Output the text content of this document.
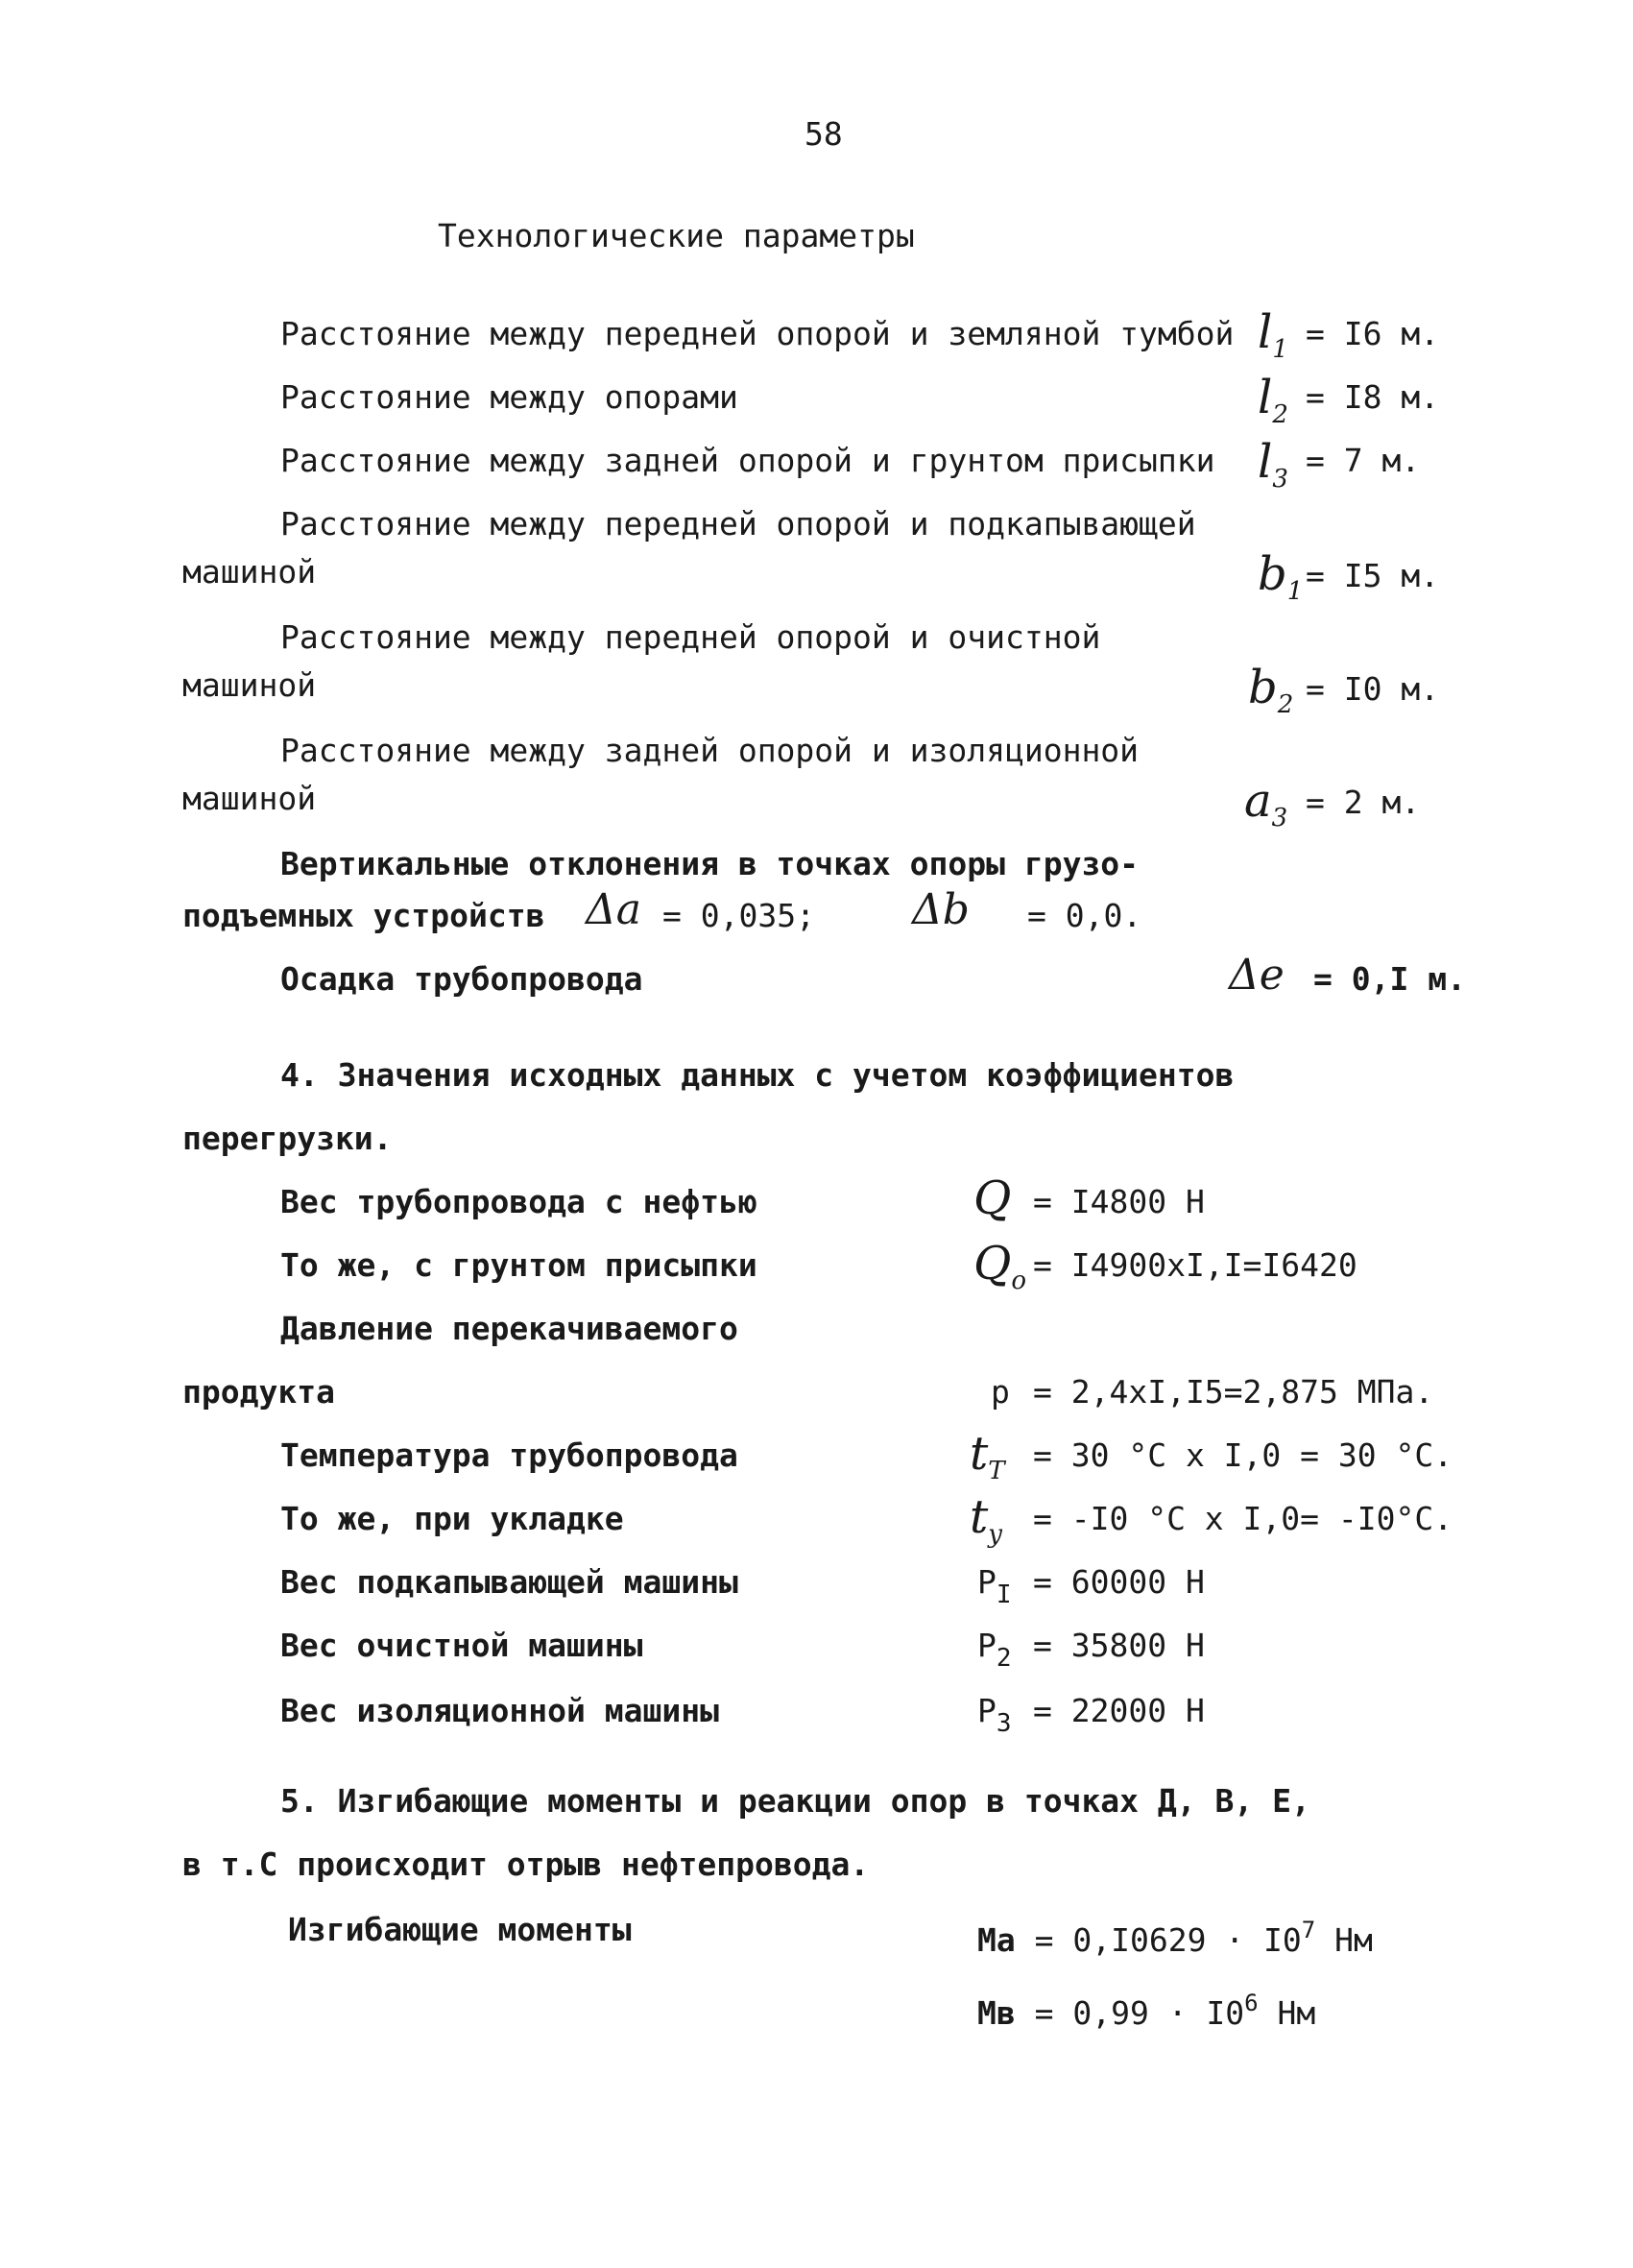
58
Технологические параметры
Расстояние между передней опорой и земляной тумбой $l_1 = I6$ м.
Расстояние между опорами	$l_2 = I8$ м.
Расстояние между задней опорой и грунтом присыпки $l_3 = 7$ м.
Расстояние между передней опорой и подкапывающей
машиной	$b_1 = I5$ м.
Расстояние между передней опорой и очистной
машиной	$b_2 = I0$ м.
Расстояние между задней опорой и изоляционной
машиной	$a_3 = 2$ м.
Вертикальные отклонения в точках опоры грузо-
подъемных устройств Δa = 0,035; Δb = 0,0.
Осадка трубопровода	Δe = 0,I м.
4. Значения исходных данных с учетом коэффициентов
перегрузки.
Вес трубопровода с нефтью	Q = I4800 Н
То же, с грунтом присыпки	$Q_o = I4900xI,I=I6420$
Давление перекачиваемого
продукта	p = 2,4xI,I5=2,875 МПа.
Температура трубопровода	$t_T = 30$ °C x I,0 = 30 °C.
То же, при укладке	$t_y = -I0$ °C x I,0= -I0°C.
Вес подкапывающей машины	$P_I = 60000$ Н
Вес очистной машины	$P_2 = 35800$ Н
Вес изоляционной машины	$P_3 = 22000$ Н
5. Изгибающие моменты и реакции опор в точках Д, В, Е,
в т.С происходит отрыв нефтепровода.
Изгибающие моменты	$Ma = 0,I0629 \cdot I0^7$ Нм
Мв = $0,99 \cdot I0^6$ Нм
